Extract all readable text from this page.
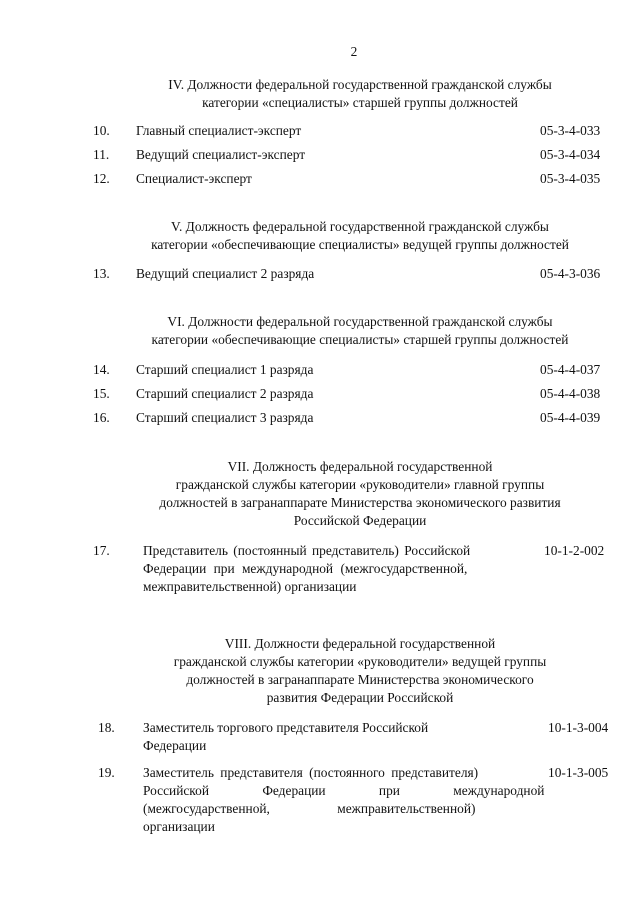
2
IV. Должности федеральной государственной гражданской службы
категории «специалисты» старшей группы должностей
10. Главный специалист-эксперт	05-3-4-033
11. Ведущий специалист-эксперт	05-3-4-034
12. Специалист-эксперт	05-3-4-035
V. Должность федеральной государственной гражданской службы
категории «обеспечивающие специалисты» ведущей группы должностей
13. Ведущий специалист 2 разряда	05-4-3-036
VI. Должности федеральной государственной гражданской службы
категории «обеспечивающие специалисты» старшей группы должностей
14. Старший специалист 1 разряда	05-4-4-037
15. Старший специалист 2 разряда	05-4-4-038
16. Старший специалист 3 разряда	05-4-4-039
VII. Должность федеральной государственной
гражданской службы категории «руководители» главной группы
должностей в загранаппарате Министерства экономического развития
Российской Федерации
17. Представитель (постоянный представитель) Российской
Федерации при международной (межгосударственной,
межправительственной) организации
10-1-2-002
VIII. Должности федеральной государственной
гражданской службы категории «руководители» ведущей группы
должностей в загранаппарате Министерства экономического
развития Федерации Российской
18. Заместитель торгового представителя Российской
Федерации
10-1-3-004
19. Заместитель представителя (постоянного представителя)
Российской Федерации при международной
(межгосударственной, межправительственной)
организации
10-1-3-005
